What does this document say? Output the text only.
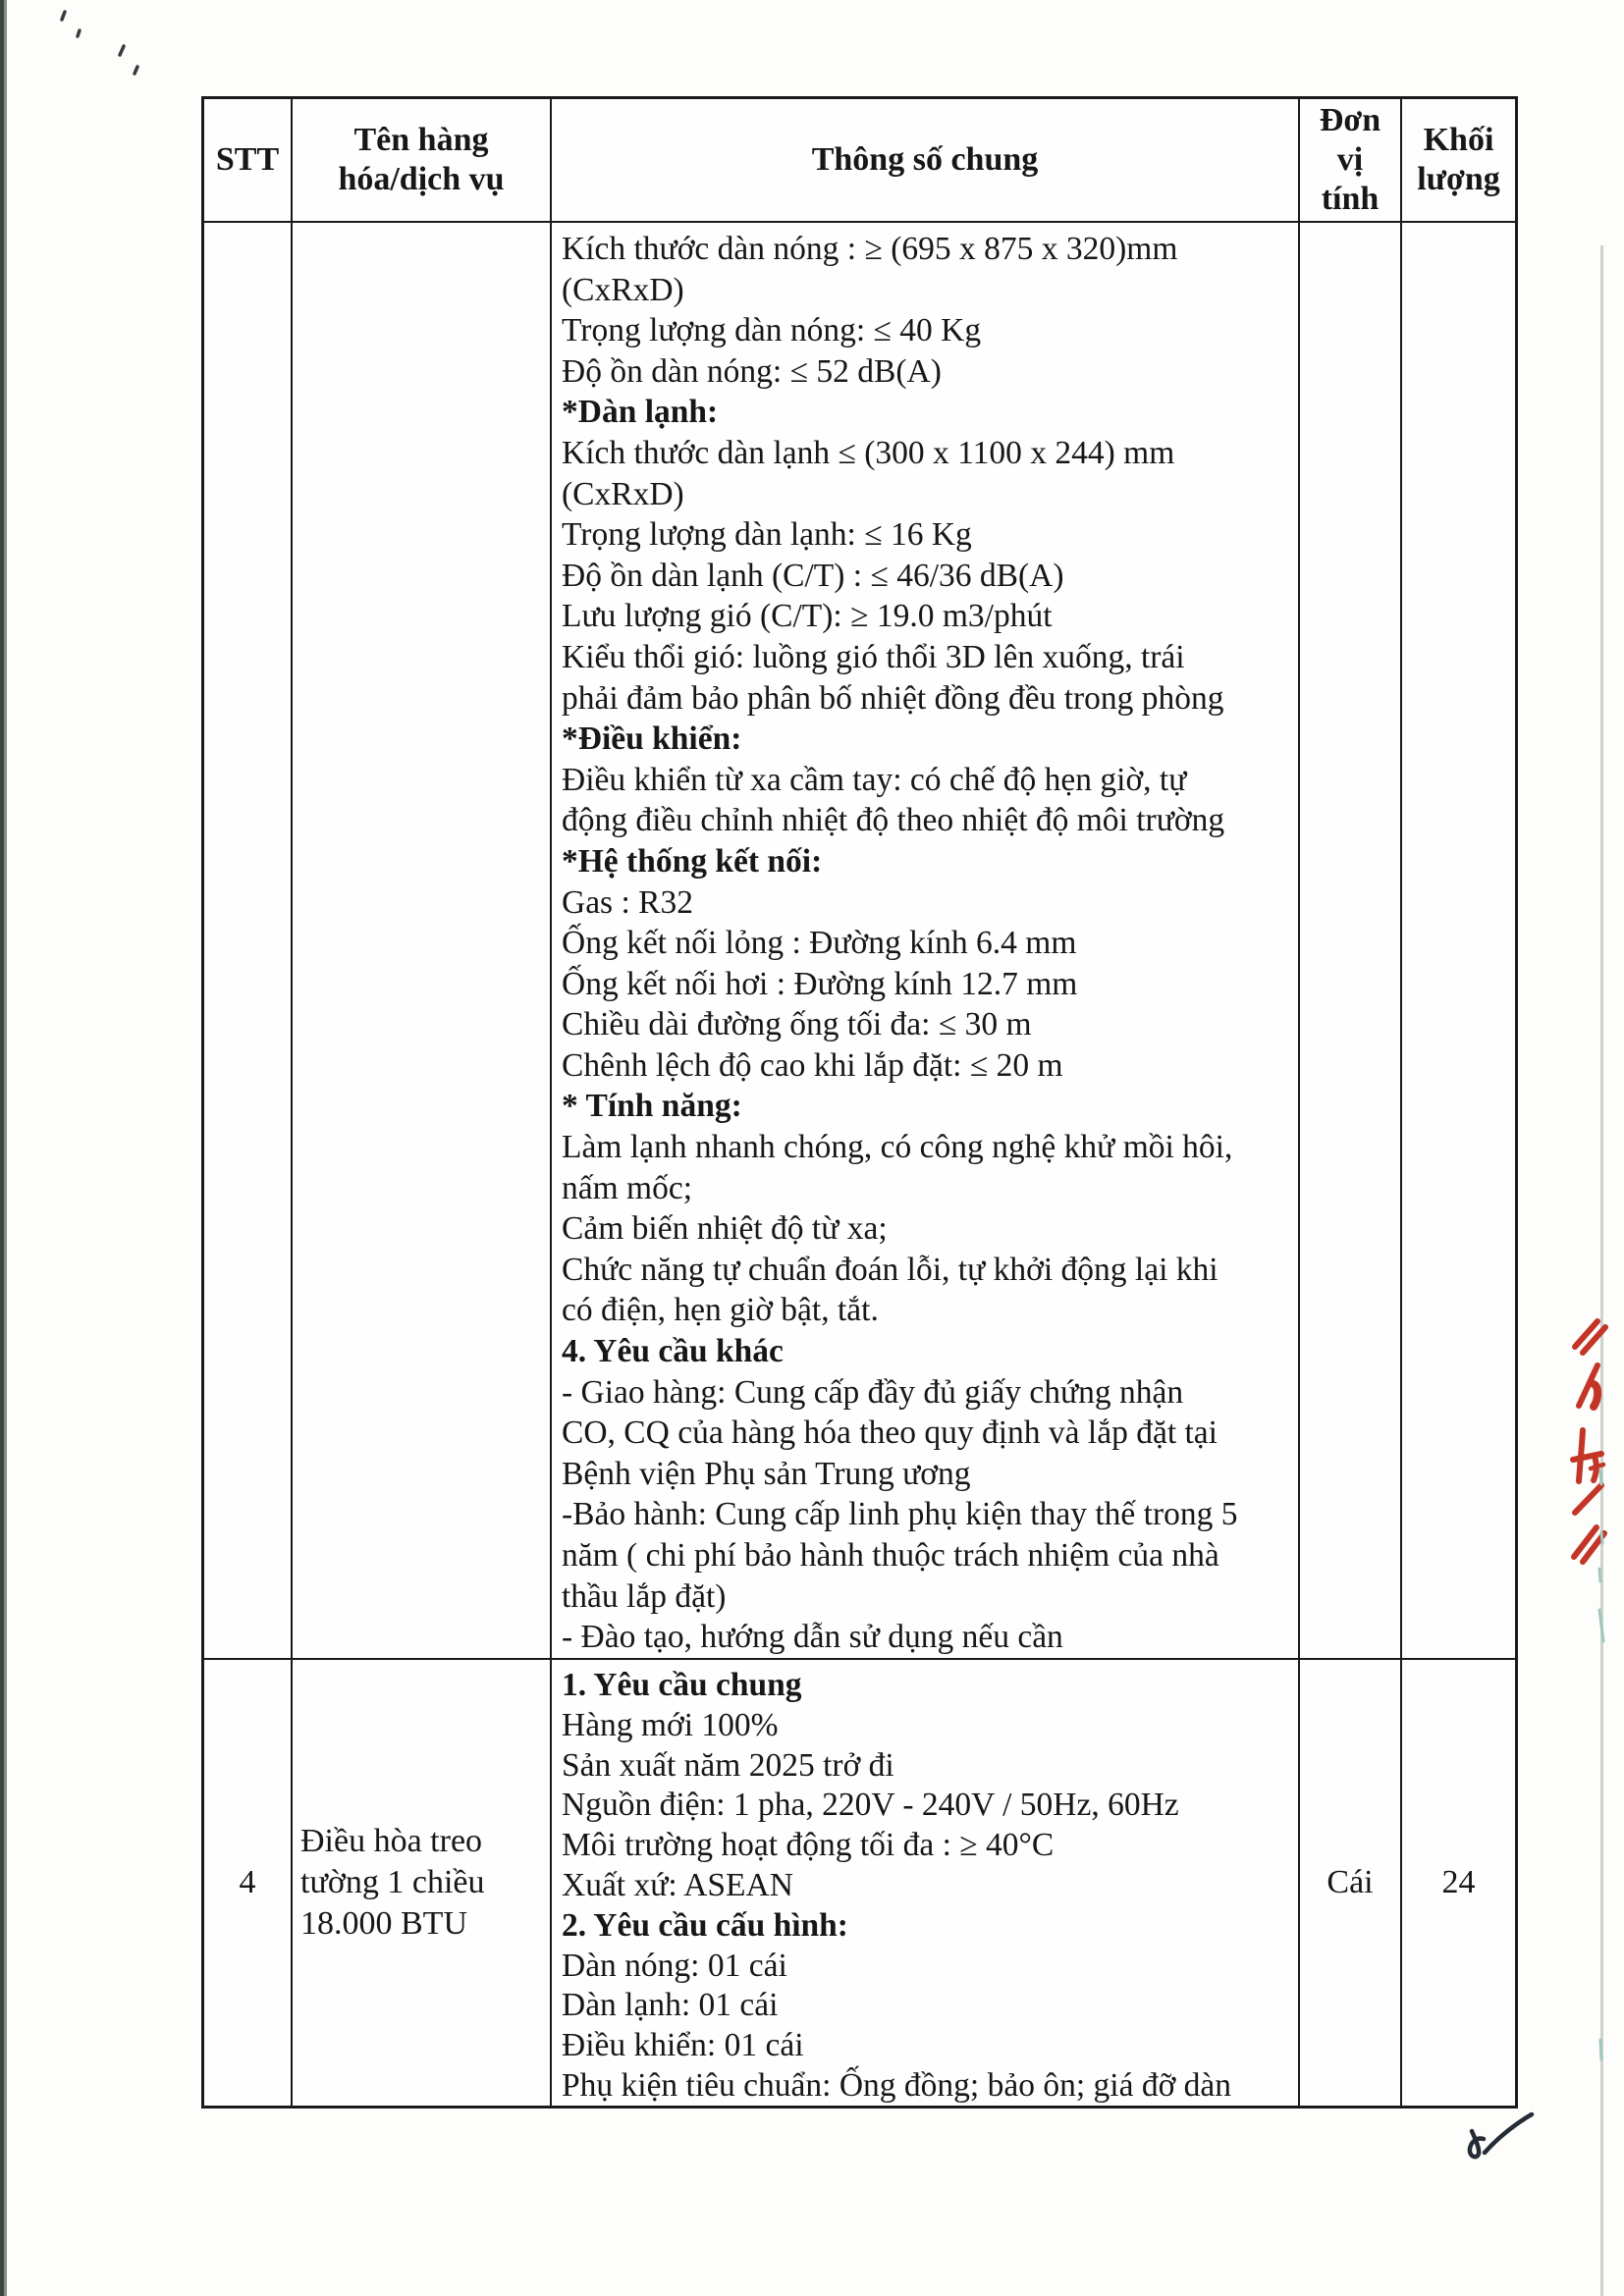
STT
Tên hàng hóa/dịch vụ
Thông số chung
Đơn vị tính
Khối lượng
Kích thước dàn nóng : ≥ (695 x 875 x 320)mm
(CxRxD)
Trọng lượng dàn nóng: ≤ 40 Kg
Độ ồn dàn nóng: ≤ 52 dB(A)
*Dàn lạnh:
Kích thước dàn lạnh ≤ (300 x 1100 x 244) mm
(CxRxD)
Trọng lượng dàn lạnh: ≤ 16 Kg
Độ ồn dàn lạnh (C/T) : ≤ 46/36 dB(A)
Lưu lượng gió (C/T): ≥ 19.0 m3/phút
Kiểu thổi gió: luồng gió thổi 3D lên xuống, trái
phải đảm bảo phân bố nhiệt đồng đều trong phòng
*Điều khiển:
Điều khiển từ xa cầm tay: có chế độ hẹn giờ, tự
động điều chỉnh nhiệt độ theo nhiệt độ môi trường
*Hệ thống kết nối:
Gas : R32
Ống kết nối lỏng : Đường kính 6.4 mm
Ống kết nối hơi : Đường kính 12.7 mm
Chiều dài đường ống tối đa: ≤ 30 m
Chênh lệch độ cao khi lắp đặt: ≤ 20 m
* Tính năng:
Làm lạnh nhanh chóng, có công nghệ khử mồi hôi,
nấm mốc;
Cảm biến nhiệt độ từ xa;
Chức năng tự chuẩn đoán lỗi, tự khởi động lại khi
có điện, hẹn giờ bật, tắt.
4. Yêu cầu khác
- Giao hàng: Cung cấp đầy đủ giấy chứng nhận
CO, CQ của hàng hóa theo quy định và lắp đặt tại
Bệnh viện Phụ sản Trung ương
-Bảo hành: Cung cấp linh phụ kiện thay thế trong 5
năm ( chi phí bảo hành thuộc trách nhiệm của nhà
thầu lắp đặt)
- Đào tạo, hướng dẫn sử dụng nếu cần
4
Điều hòa treo
tường 1 chiều
18.000 BTU
1. Yêu cầu chung
Hàng mới 100%
Sản xuất năm 2025 trở đi
Nguồn điện: 1 pha, 220V - 240V / 50Hz, 60Hz
Môi trường hoạt động tối đa : ≥ 40°C
Xuất xứ: ASEAN
2. Yêu cầu cấu hình:
Dàn nóng: 01 cái
Dàn lạnh: 01 cái
Điều khiển: 01 cái
Phụ kiện tiêu chuẩn: Ống đồng; bảo ôn; giá đỡ dàn
Cái	24
